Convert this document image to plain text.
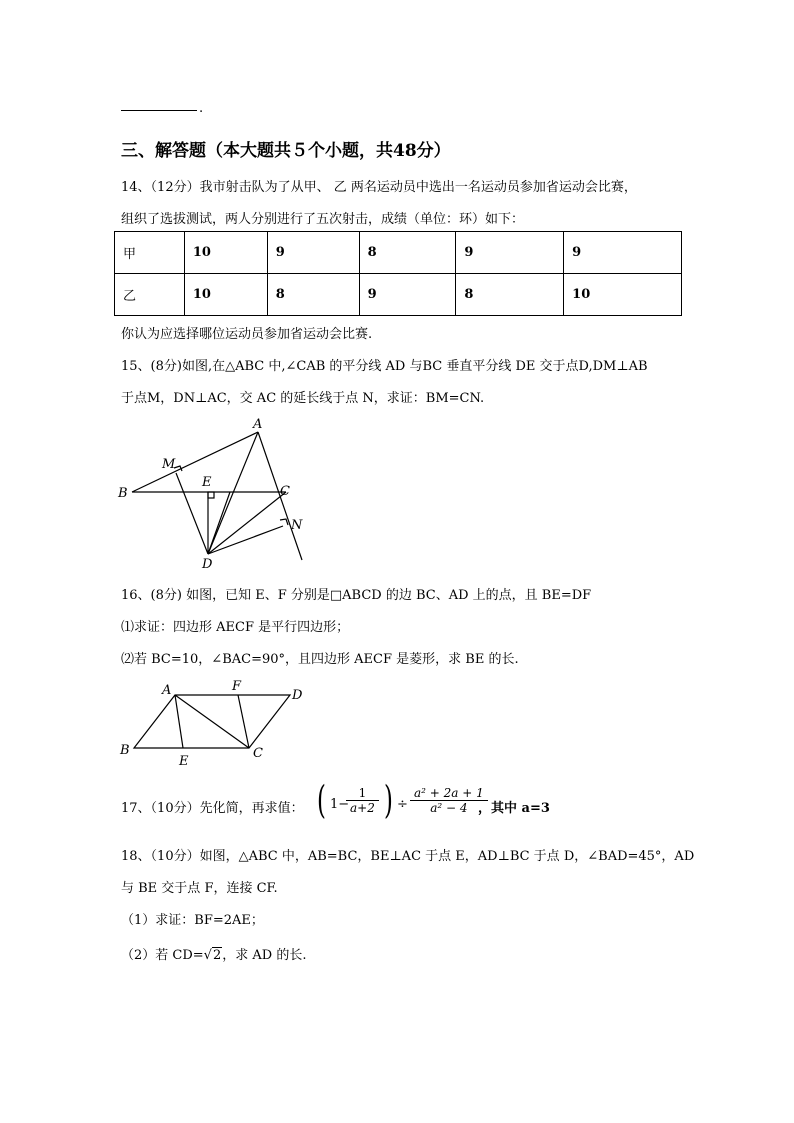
.
三、解答题（本大题共５个小题，共48分）
14、（12分）我市射击队为了从甲、 乙 两名运动员中选出一名运动员参加省运动会比赛，
组织了选拔测试，两人分别进行了五次射击，成绩（单位：环）如下：
甲	10	9	8	9	9
乙	10	8	9	8	10
你认为应选择哪位运动员参加省运动会比赛.
15、(8分)如图,在△ABC 中,∠CAB 的平分线 AD 与BC 垂直平分线 DE 交于点D,DM⊥AB
于点M，DN⊥AC，交 AC 的延长线于点 N，求证：BM=CN.
A
B	C
D
E
M
N
16、(8分) 如图，已知 E、F 分别是□ABCD 的边 BC、AD 上的点，且 BE=DF
⑴求证：四边形 AECF 是平行四边形；
⑵若 BC=10，∠BAC=90°，且四边形 AECF 是菱形，求 BE 的长.
A	F
D
B
E
C
17、（10分）先化简，再求值： ( 1−
1
a+2 ) ÷
a² + 2a + 1
a² − 4 ，其中 a=3
18、（10分）如图，△ABC 中，AB=BC，BE⊥AC 于点 E，AD⊥BC 于点 D，∠BAD=45°，AD
与 BE 交于点 F，连接 CF.
（1）求证：BF=2AE；
（2）若 CD=√2，求 AD 的长.
